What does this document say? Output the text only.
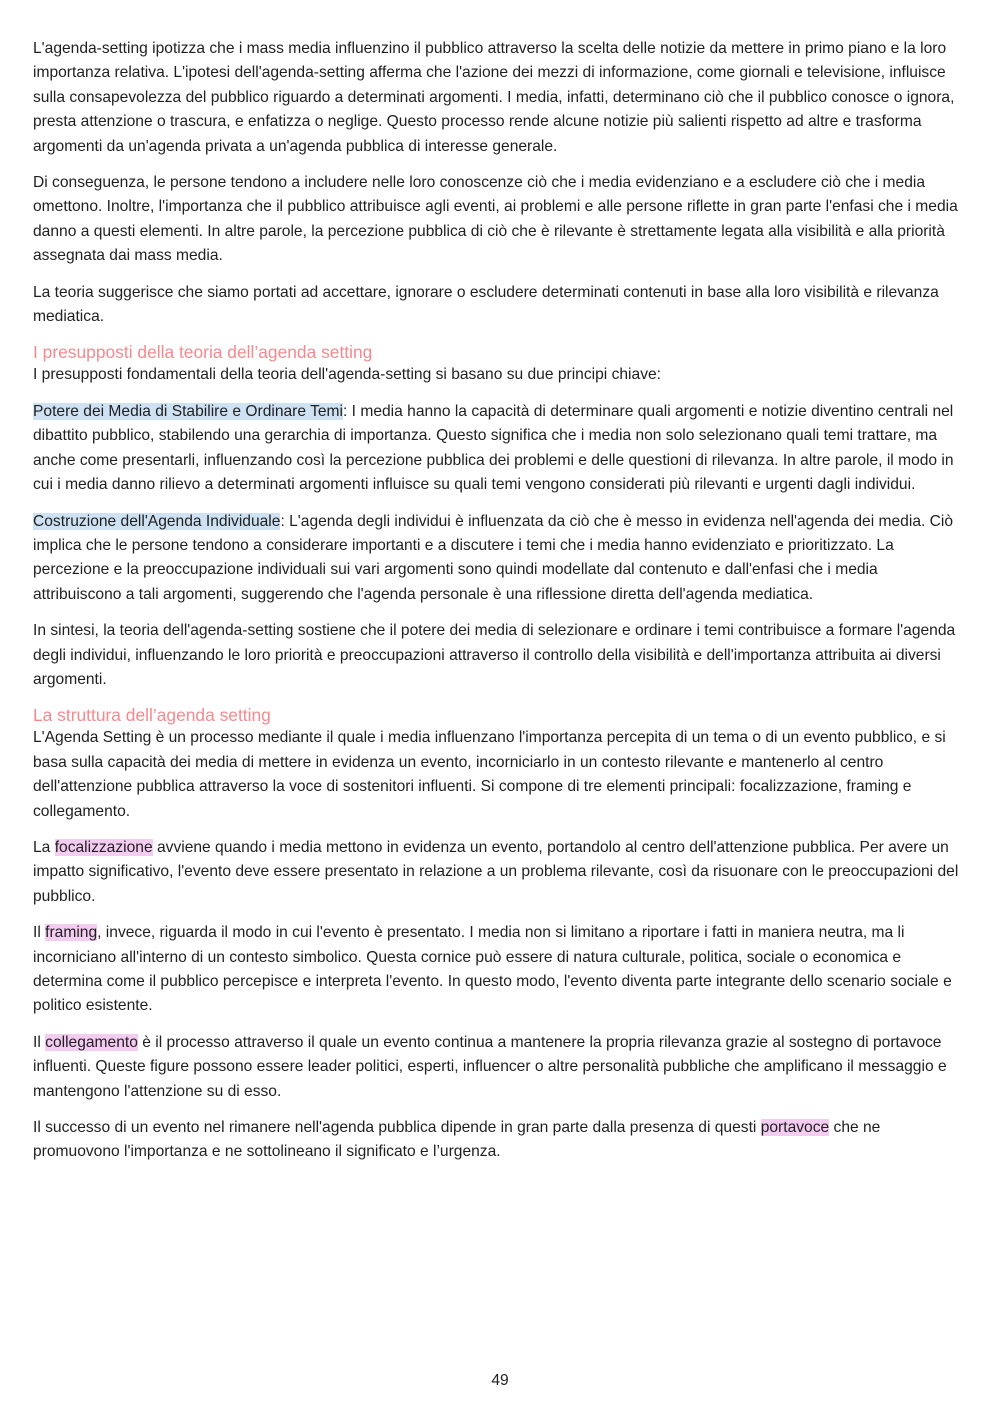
L'agenda-setting ipotizza che i mass media influenzino il pubblico attraverso la scelta delle notizie da mettere in primo piano e la loro importanza relativa. L'ipotesi dell'agenda-setting afferma che l'azione dei mezzi di informazione, come giornali e televisione, influisce sulla consapevolezza del pubblico riguardo a determinati argomenti. I media, infatti, determinano ciò che il pubblico conosce o ignora, presta attenzione o trascura, e enfatizza o neglige. Questo processo rende alcune notizie più salienti rispetto ad altre e trasforma argomenti da un'agenda privata a un'agenda pubblica di interesse generale.

Di conseguenza, le persone tendono a includere nelle loro conoscenze ciò che i media evidenziano e a escludere ciò che i media omettono. Inoltre, l'importanza che il pubblico attribuisce agli eventi, ai problemi e alle persone riflette in gran parte l'enfasi che i media danno a questi elementi. In altre parole, la percezione pubblica di ciò che è rilevante è strettamente legata alla visibilità e alla priorità assegnata dai mass media.

La teoria suggerisce che siamo portati ad accettare, ignorare o escludere determinati contenuti in base alla loro visibilità e rilevanza mediatica.

I presupposti della teoria dell’agenda setting

I presupposti fondamentali della teoria dell'agenda-setting si basano su due principi chiave:

Potere dei Media di Stabilire e Ordinare Temi: I media hanno la capacità di determinare quali argomenti e notizie diventino centrali nel dibattito pubblico, stabilendo una gerarchia di importanza. Questo significa che i media non solo selezionano quali temi trattare, ma anche come presentarli, influenzando così la percezione pubblica dei problemi e delle questioni di rilevanza. In altre parole, il modo in cui i media danno rilievo a determinati argomenti influisce su quali temi vengono considerati più rilevanti e urgenti dagli individui.

Costruzione dell'Agenda Individuale: L'agenda degli individui è influenzata da ciò che è messo in evidenza nell'agenda dei media. Ciò implica che le persone tendono a considerare importanti e a discutere i temi che i media hanno evidenziato e prioritizzato. La percezione e la preoccupazione individuali sui vari argomenti sono quindi modellate dal contenuto e dall'enfasi che i media attribuiscono a tali argomenti, suggerendo che l'agenda personale è una riflessione diretta dell'agenda mediatica.

In sintesi, la teoria dell'agenda-setting sostiene che il potere dei media di selezionare e ordinare i temi contribuisce a formare l'agenda degli individui, influenzando le loro priorità e preoccupazioni attraverso il controllo della visibilità e dell'importanza attribuita ai diversi argomenti.

La struttura dell’agenda setting

L'Agenda Setting è un processo mediante il quale i media influenzano l'importanza percepita di un tema o di un evento pubblico, e si basa sulla capacità dei media di mettere in evidenza un evento, incorniciarlo in un contesto rilevante e mantenerlo al centro dell'attenzione pubblica attraverso la voce di sostenitori influenti. Si compone di tre elementi principali: focalizzazione, framing e collegamento.

La focalizzazione avviene quando i media mettono in evidenza un evento, portandolo al centro dell'attenzione pubblica. Per avere un impatto significativo, l'evento deve essere presentato in relazione a un problema rilevante, così da risuonare con le preoccupazioni del pubblico.

Il framing, invece, riguarda il modo in cui l'evento è presentato. I media non si limitano a riportare i fatti in maniera neutra, ma li incorniciano all'interno di un contesto simbolico. Questa cornice può essere di natura culturale, politica, sociale o economica e determina come il pubblico percepisce e interpreta l'evento. In questo modo, l'evento diventa parte integrante dello scenario sociale e politico esistente.

Il collegamento è il processo attraverso il quale un evento continua a mantenere la propria rilevanza grazie al sostegno di portavoce influenti. Queste figure possono essere leader politici, esperti, influencer o altre personalità pubbliche che amplificano il messaggio e mantengono l'attenzione su di esso.

Il successo di un evento nel rimanere nell'agenda pubblica dipende in gran parte dalla presenza di questi portavoce che ne promuovono l'importanza e ne sottolineano il significato e l’urgenza.

49
